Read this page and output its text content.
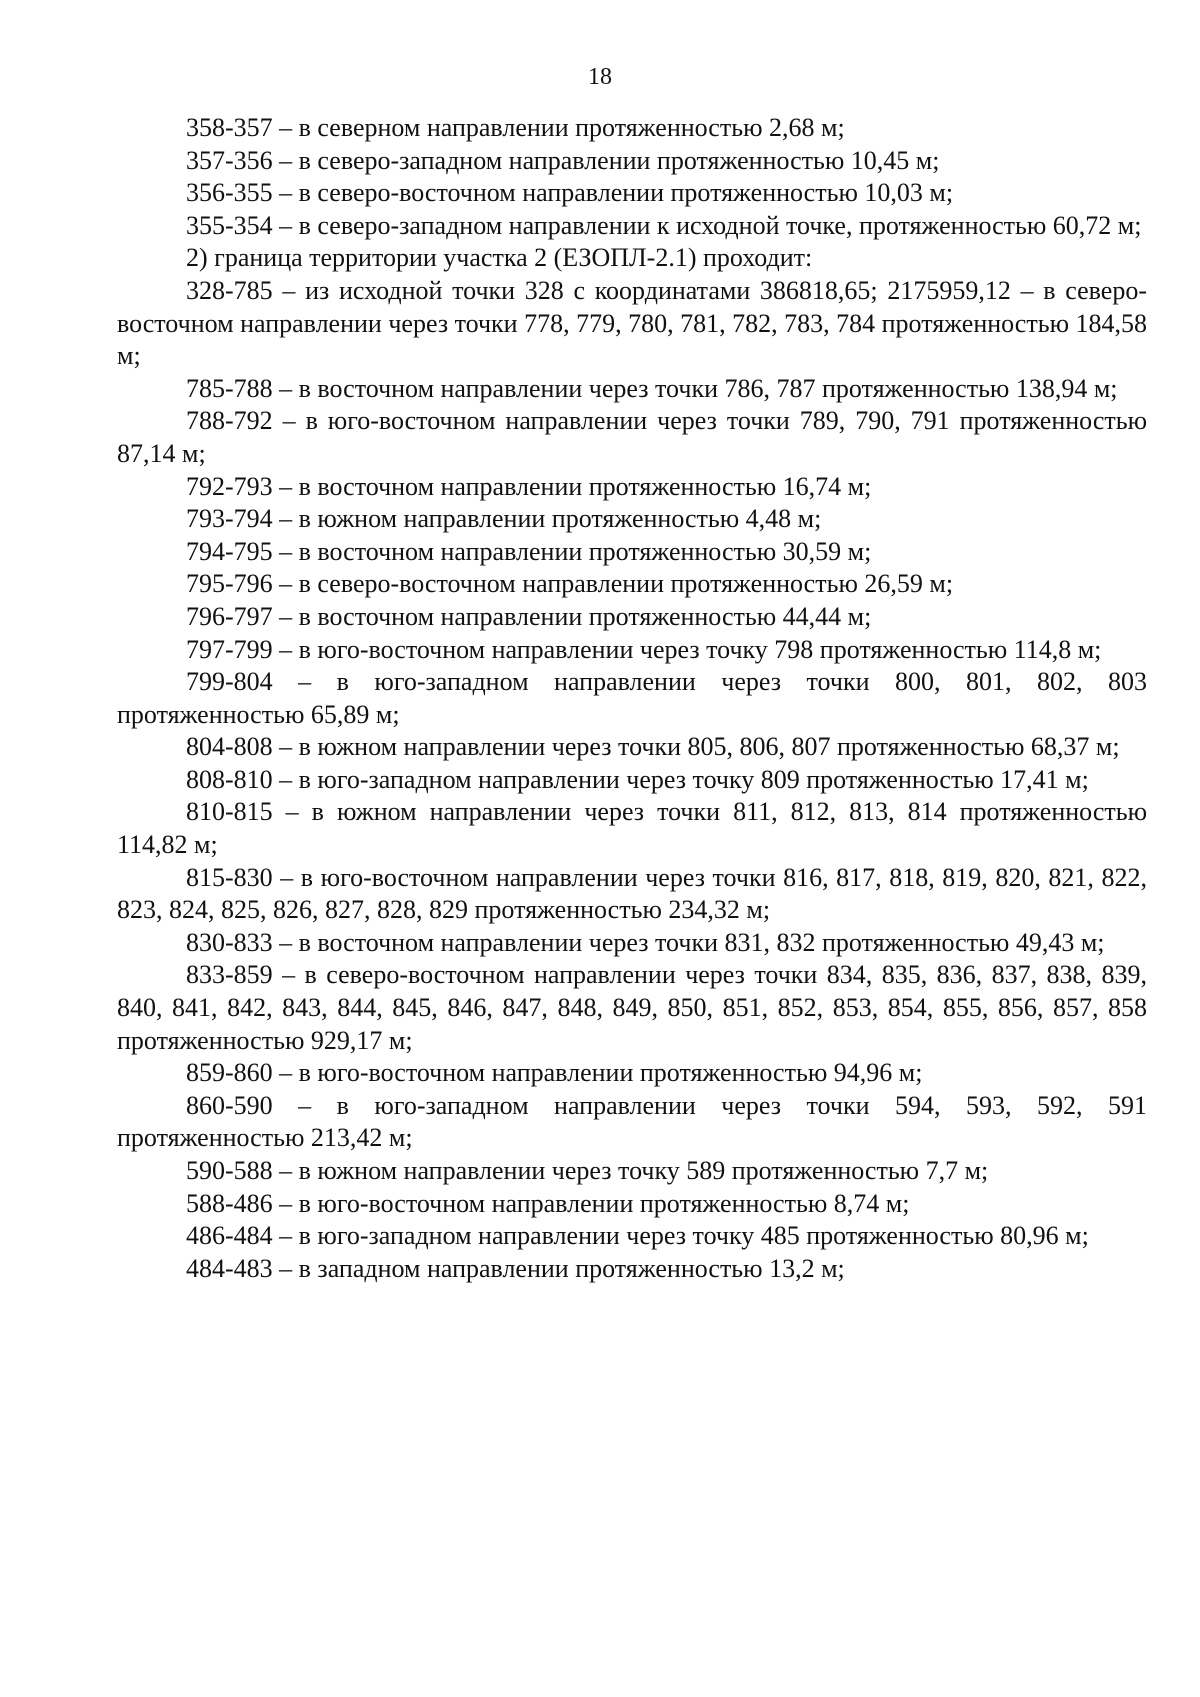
18

358-357 – в северном направлении протяженностью 2,68 м;

357-356 – в северо-западном направлении протяженностью 10,45 м;

356-355 – в северо-восточном направлении протяженностью 10,03 м;

355-354 – в северо-западном направлении к исходной точке, протяженностью 60,72 м;

2) граница территории участка 2 (ЕЗОПЛ-2.1) проходит:

328-785 – из исходной точки 328 с координатами 386818,65; 2175959,12 – в северо-восточном направлении через точки 778, 779, 780, 781, 782, 783, 784 протяженностью 184,58 м;

785-788 – в восточном направлении через точки 786, 787 протяженностью 138,94 м;

788-792 – в юго-восточном направлении через точки 789, 790, 791 протяженностью 87,14 м;

792-793 – в восточном направлении протяженностью 16,74 м;

793-794 – в южном направлении протяженностью 4,48 м;

794-795 – в восточном направлении протяженностью 30,59 м;

795-796 – в северо-восточном направлении протяженностью 26,59 м;

796-797 – в восточном направлении протяженностью 44,44 м;

797-799 – в юго-восточном направлении через точку 798 протяженностью 114,8 м;

799-804 – в юго-западном направлении через точки 800, 801, 802, 803 протяженностью 65,89 м;

804-808 – в южном направлении через точки 805, 806, 807 протяженностью 68,37 м;

808-810 – в юго-западном направлении через точку 809 протяженностью 17,41 м;

810-815 – в южном направлении через точки 811, 812, 813, 814 протяженностью 114,82 м;

815-830 – в юго-восточном направлении через точки 816, 817, 818, 819, 820, 821, 822, 823, 824, 825, 826, 827, 828, 829 протяженностью 234,32 м;

830-833 – в восточном направлении через точки 831, 832 протяженностью 49,43 м;

833-859 – в северо-восточном направлении через точки 834, 835, 836, 837, 838, 839, 840, 841, 842, 843, 844, 845, 846, 847, 848, 849, 850, 851, 852, 853, 854, 855, 856, 857, 858 протяженностью 929,17 м;

859-860 – в юго-восточном направлении протяженностью 94,96 м;

860-590 – в юго-западном направлении через точки 594, 593, 592, 591 протяженностью 213,42 м;

590-588 – в южном направлении через точку 589 протяженностью 7,7 м;

588-486 – в юго-восточном направлении протяженностью 8,74 м;

486-484 – в юго-западном направлении через точку 485 протяженностью 80,96 м;

484-483 – в западном направлении протяженностью 13,2 м;
